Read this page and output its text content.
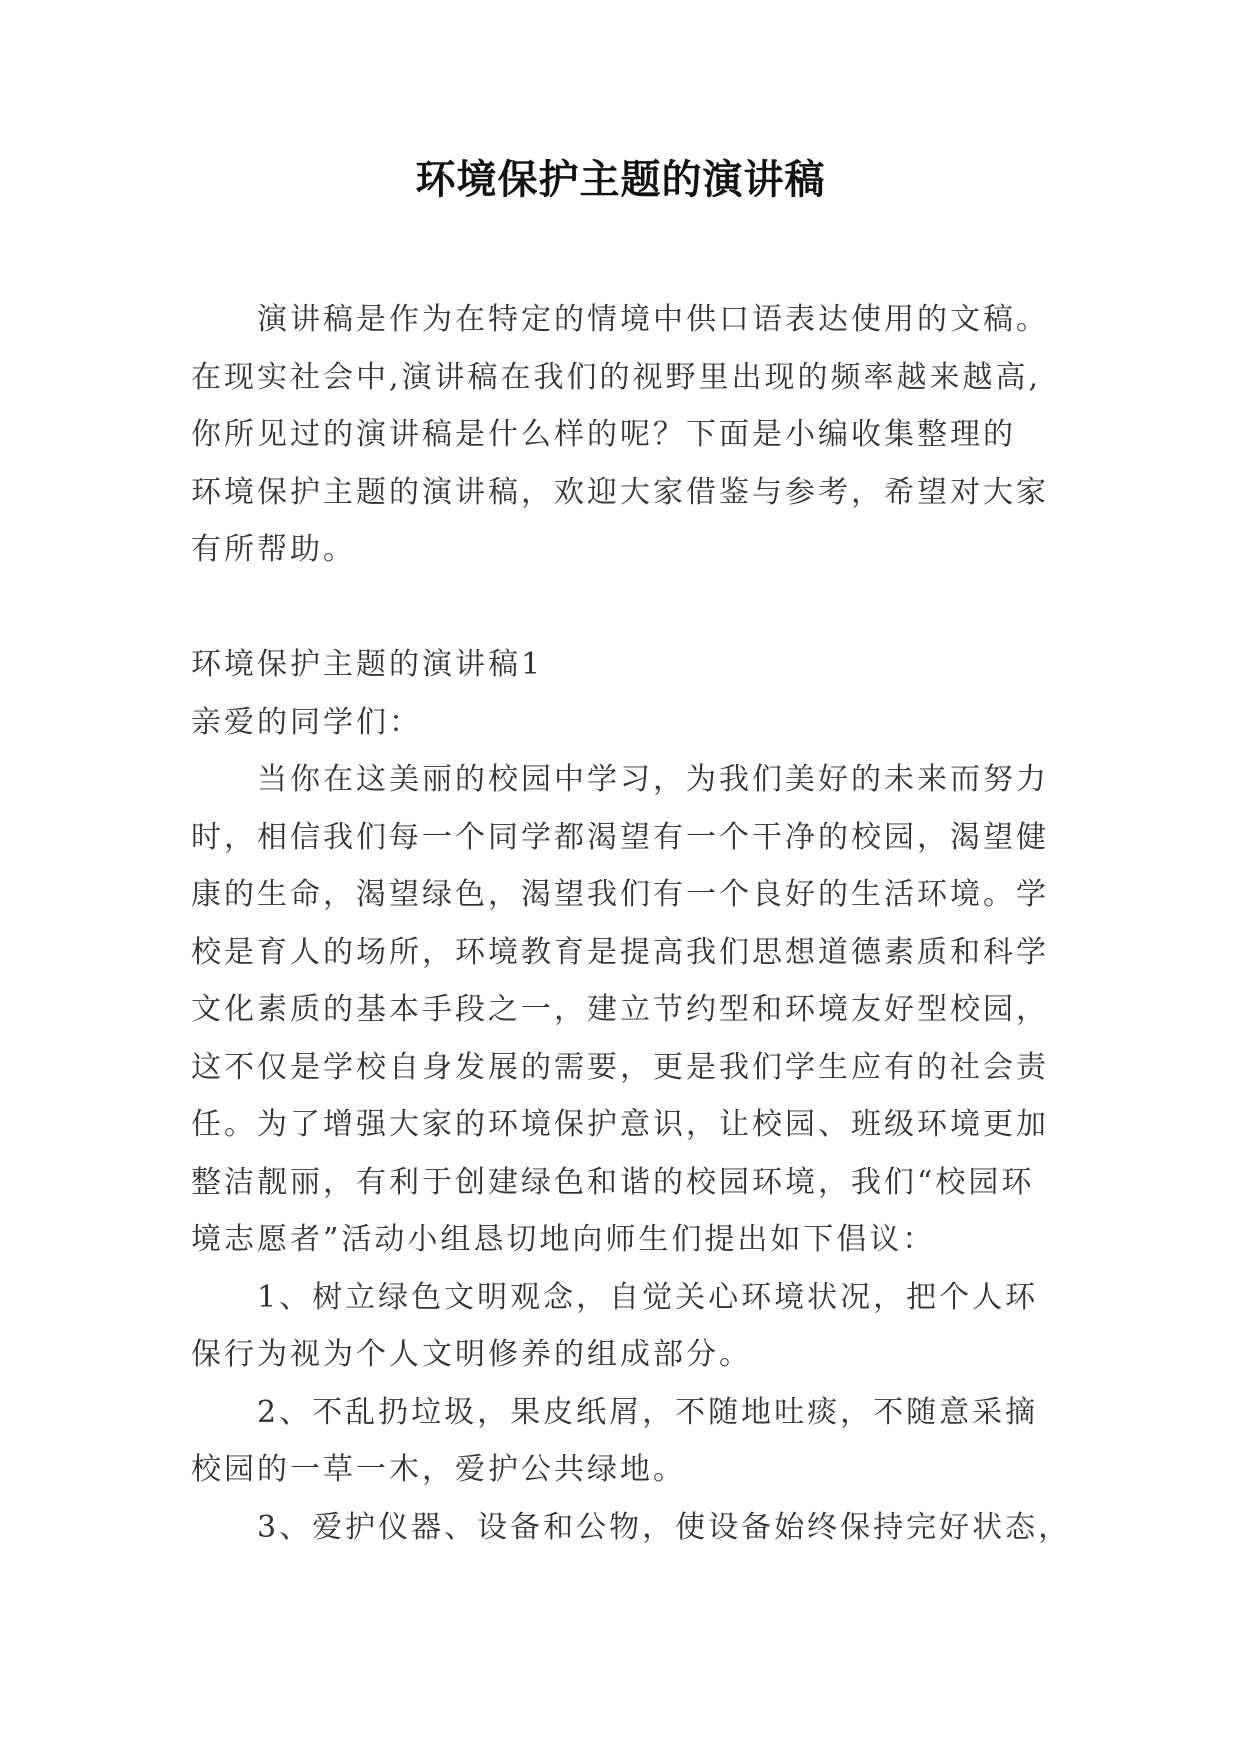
环境保护主题的演讲稿
　　演讲稿是作为在特定的情境中供口语表达使用的文稿。
在现实社会中,演讲稿在我们的视野里出现的频率越来越高,
你所见过的演讲稿是什么样的呢？下面是小编收集整理的
环境保护主题的演讲稿，欢迎大家借鉴与参考，希望对大家
有所帮助。
环境保护主题的演讲稿1
亲爱的同学们：
　　当你在这美丽的校园中学习，为我们美好的未来而努力
时，相信我们每一个同学都渴望有一个干净的校园，渴望健
康的生命，渴望绿色，渴望我们有一个良好的生活环境。学
校是育人的场所，环境教育是提高我们思想道德素质和科学
文化素质的基本手段之一，建立节约型和环境友好型校园，
这不仅是学校自身发展的需要，更是我们学生应有的社会责
任。为了增强大家的环境保护意识，让校园、班级环境更加
整洁靓丽，有利于创建绿色和谐的校园环境，我们“校园环
境志愿者”活动小组恳切地向师生们提出如下倡议：
　　1、树立绿色文明观念，自觉关心环境状况，把个人环
保行为视为个人文明修养的组成部分。
　　2、不乱扔垃圾，果皮纸屑，不随地吐痰，不随意采摘
校园的一草一木，爱护公共绿地。
　　3、爱护仪器、设备和公物，使设备始终保持完好状态，
